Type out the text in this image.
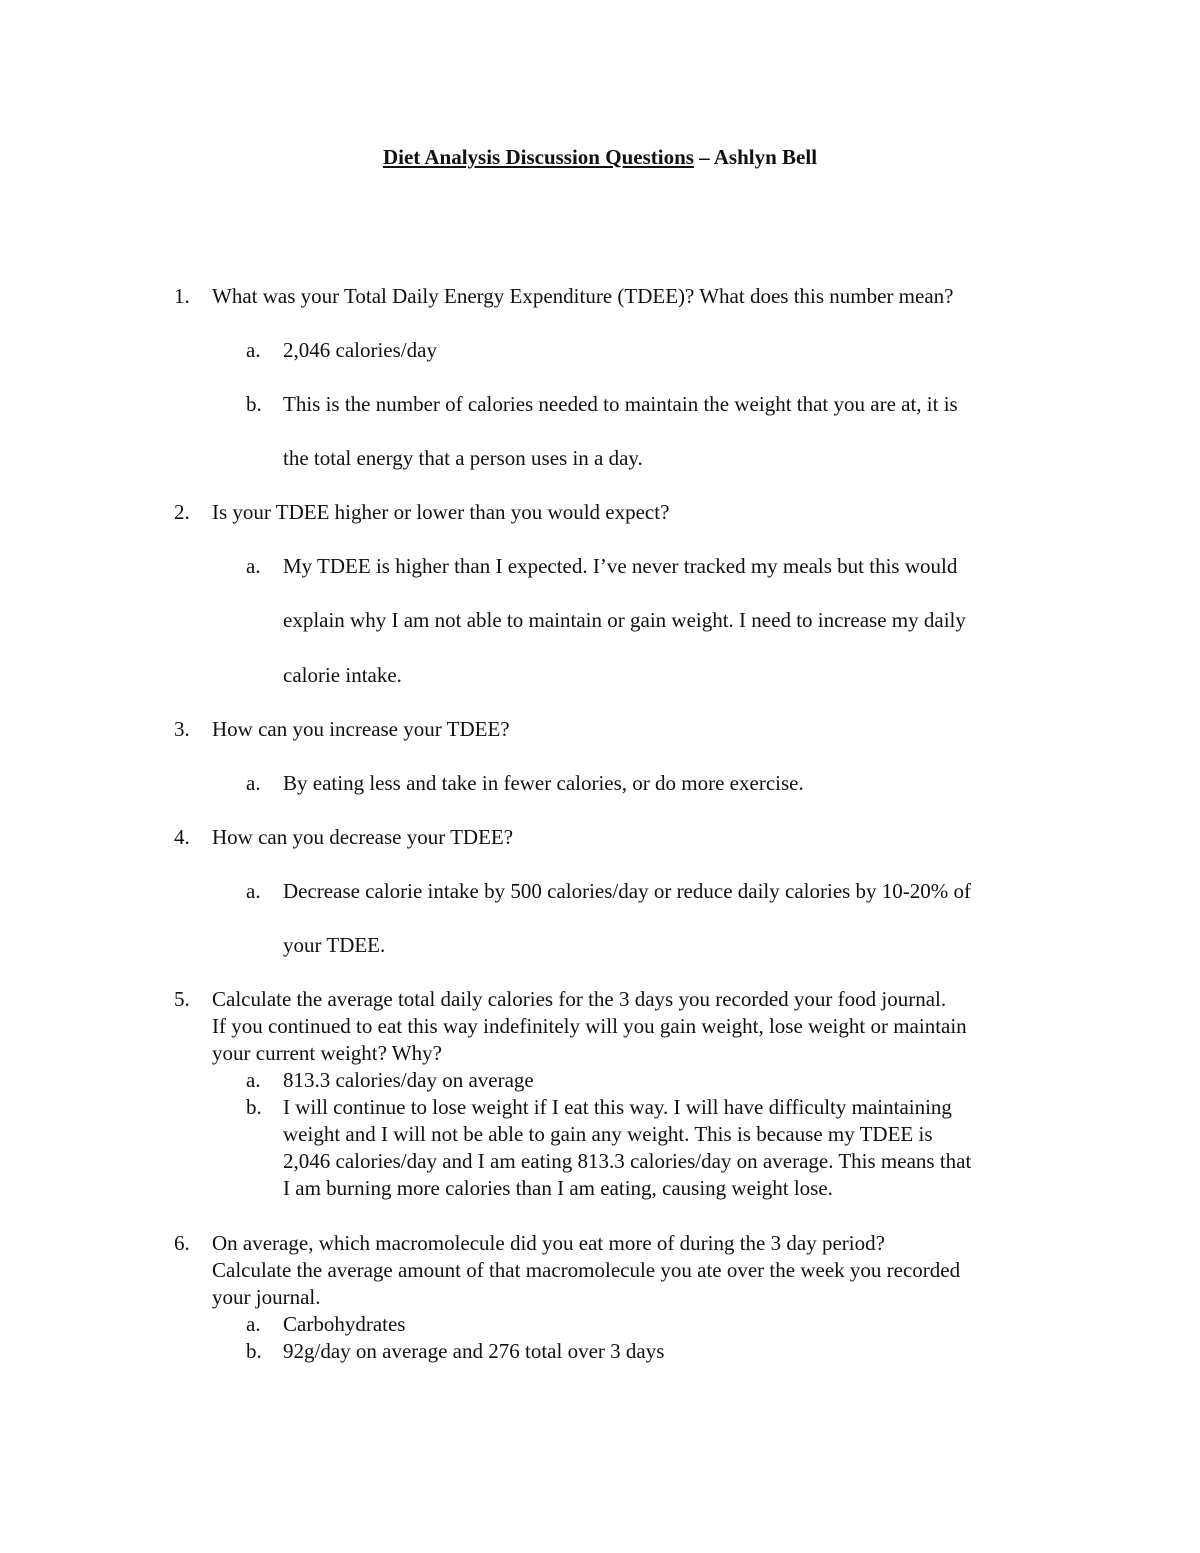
Diet Analysis Discussion Questions – Ashlyn Bell
1. What was your Total Daily Energy Expenditure (TDEE)? What does this number mean?
a. 2,046 calories/day
b. This is the number of calories needed to maintain the weight that you are at, it is
the total energy that a person uses in a day.
2. Is your TDEE higher or lower than you would expect?
a. My TDEE is higher than I expected. I’ve never tracked my meals but this would
explain why I am not able to maintain or gain weight. I need to increase my daily
calorie intake.
3. How can you increase your TDEE?
a. By eating less and take in fewer calories, or do more exercise.
4. How can you decrease your TDEE?
a. Decrease calorie intake by 500 calories/day or reduce daily calories by 10-20% of
your TDEE.
5. Calculate the average total daily calories for the 3 days you recorded your food journal.
If you continued to eat this way indefinitely will you gain weight, lose weight or maintain
your current weight? Why?
a. 813.3 calories/day on average
b. I will continue to lose weight if I eat this way. I will have difficulty maintaining
weight and I will not be able to gain any weight. This is because my TDEE is
2,046 calories/day and I am eating 813.3 calories/day on average. This means that
I am burning more calories than I am eating, causing weight lose.
6. On average, which macromolecule did you eat more of during the 3 day period?
Calculate the average amount of that macromolecule you ate over the week you recorded
your journal.
a. Carbohydrates
b. 92g/day on average and 276 total over 3 days
